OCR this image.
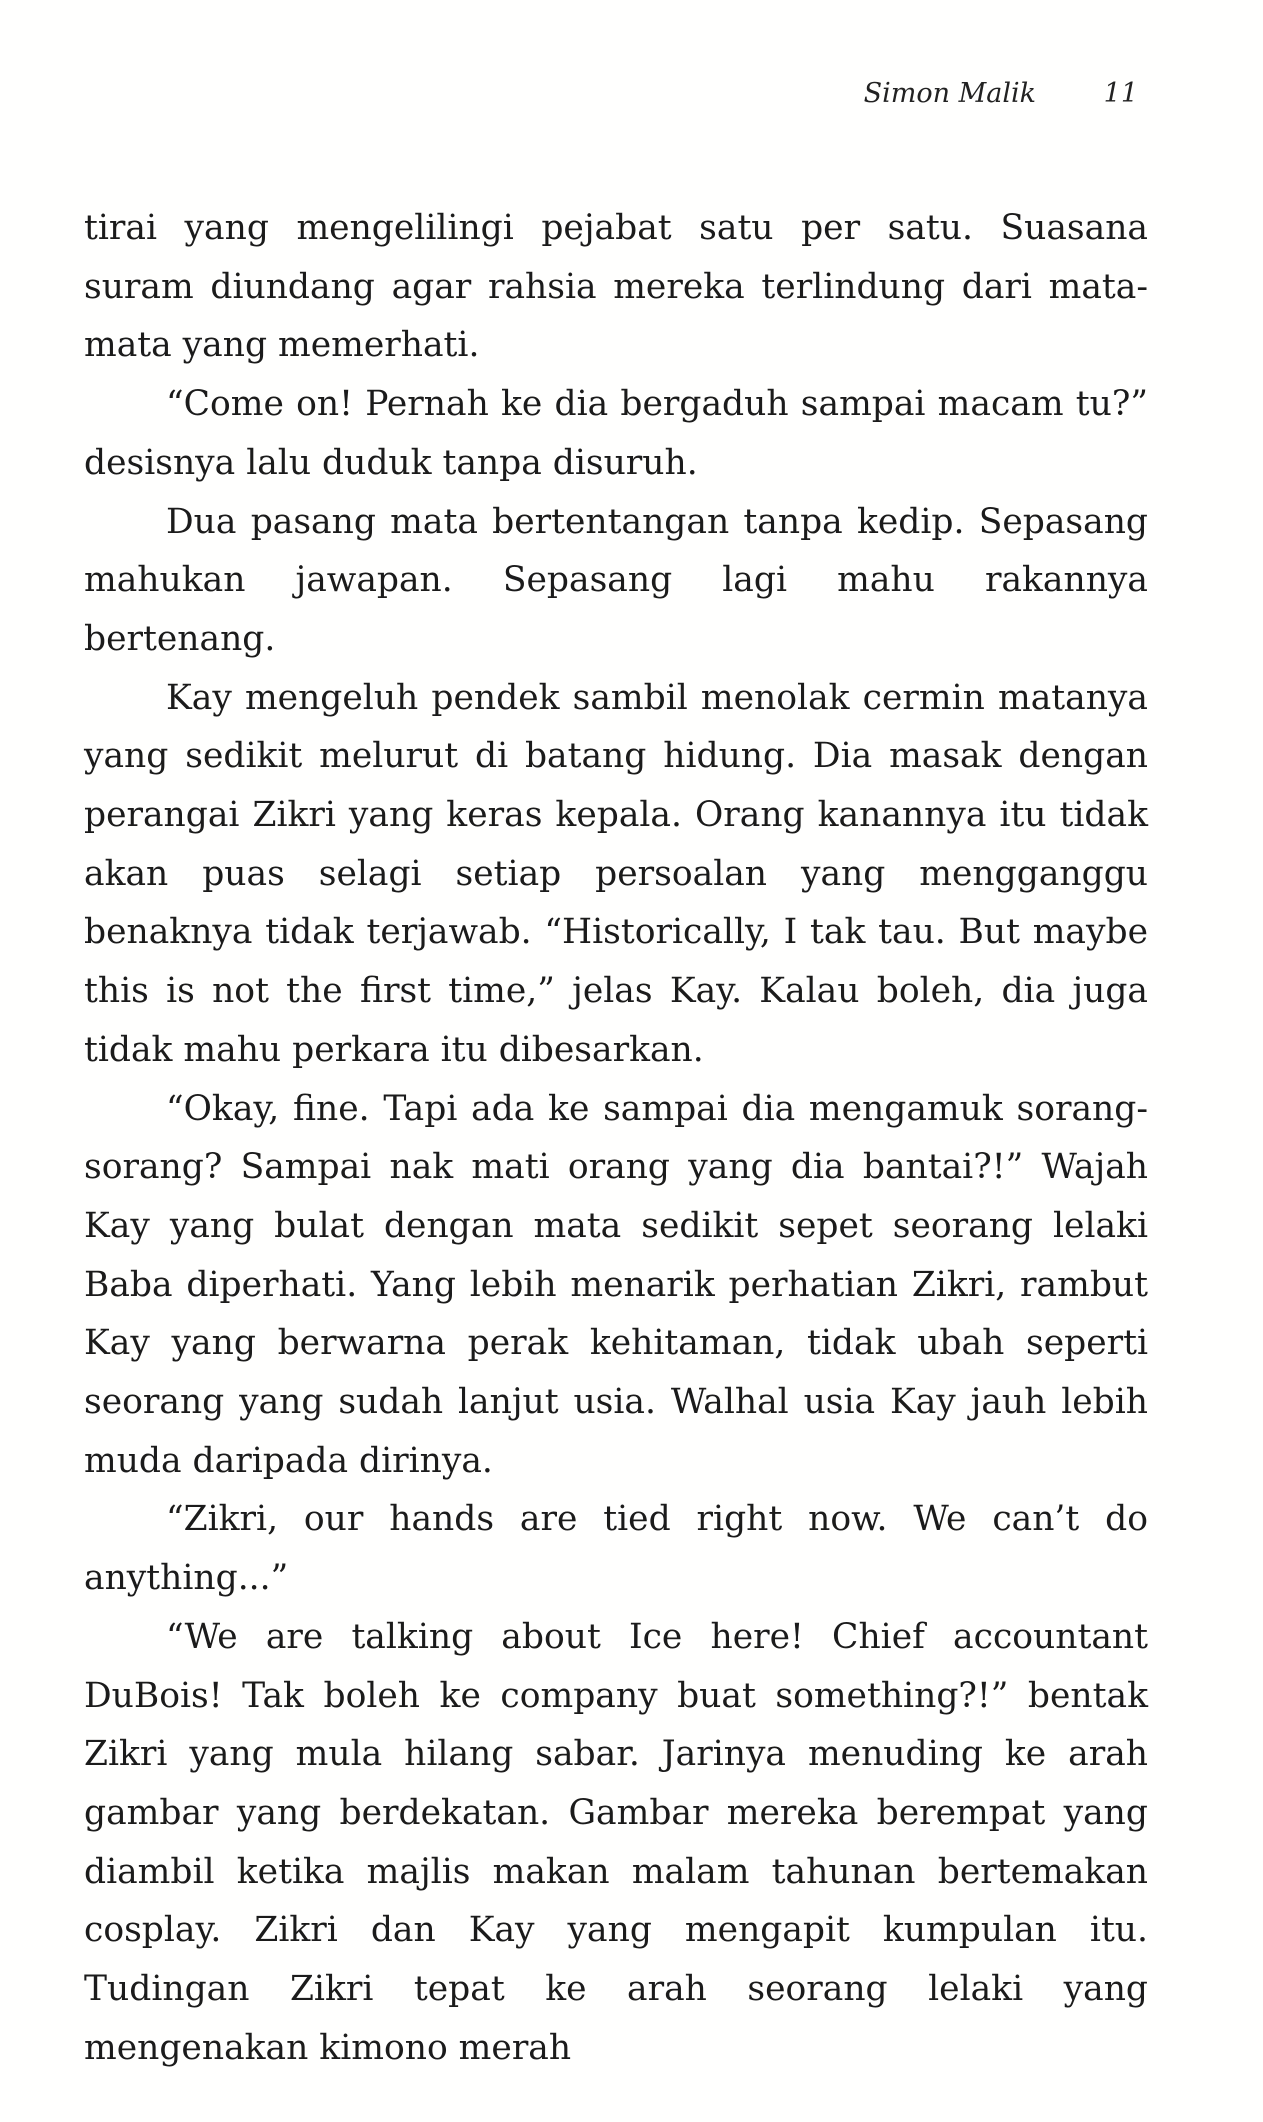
Simon Malik	11

tirai yang mengelilingi pejabat satu per satu. Suasana suram diundang agar rahsia mereka terlindung dari mata-mata yang memerhati.

“Come on! Pernah ke dia bergaduh sampai macam tu?” desisnya lalu duduk tanpa disuruh.

Dua pasang mata bertentangan tanpa kedip. Sepasang mahukan jawapan. Sepasang lagi mahu rakannya bertenang.

Kay mengeluh pendek sambil menolak cermin matanya yang sedikit melurut di batang hidung. Dia masak dengan perangai Zikri yang keras kepala. Orang kanannya itu tidak akan puas selagi setiap persoalan yang mengganggu benaknya tidak terjawab. “Historically, I tak tau. But maybe this is not the first time,” jelas Kay. Kalau boleh, dia juga tidak mahu perkara itu dibesarkan.

“Okay, fine. Tapi ada ke sampai dia mengamuk sorang-sorang? Sampai nak mati orang yang dia bantai?!” Wajah Kay yang bulat dengan mata sedikit sepet seorang lelaki Baba diperhati. Yang lebih menarik perhatian Zikri, rambut Kay yang berwarna perak kehitaman, tidak ubah seperti seorang yang sudah lanjut usia. Walhal usia Kay jauh lebih muda daripada dirinya.

“Zikri, our hands are tied right now. We can’t do anything...”

“We are talking about Ice here! Chief accountant DuBois! Tak boleh ke company buat something?!” bentak Zikri yang mula hilang sabar. Jarinya menuding ke arah gambar yang berdekatan. Gambar mereka berempat yang diambil ketika majlis makan malam tahunan bertemakan cosplay. Zikri dan Kay yang mengapit kumpulan itu. Tudingan Zikri tepat ke arah seorang lelaki yang mengenakan kimono merah
